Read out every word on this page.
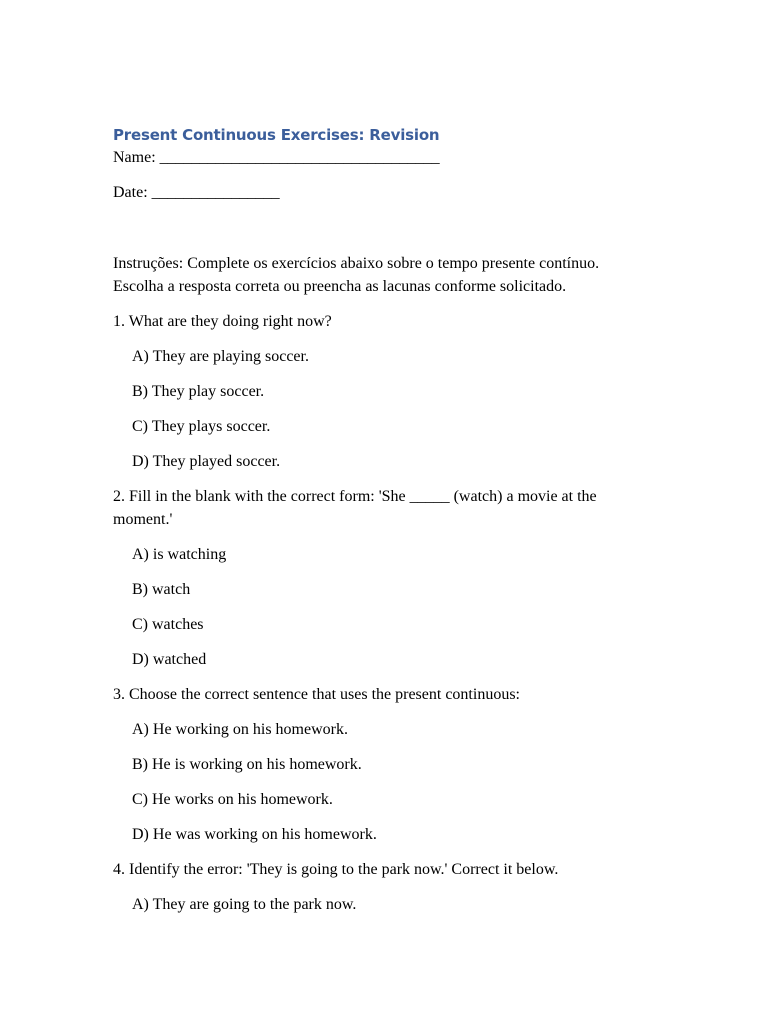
Present Continuous Exercises: Revision

Name: ___________________________________

Date: ________________

Instruções: Complete os exercícios abaixo sobre o tempo presente contínuo. Escolha a resposta correta ou preencha as lacunas conforme solicitado.

1. What are they doing right now?

A) They are playing soccer.

B) They play soccer.

C) They plays soccer.

D) They played soccer.

2. Fill in the blank with the correct form: 'She _____ (watch) a movie at the moment.'

A) is watching

B) watch

C) watches

D) watched

3. Choose the correct sentence that uses the present continuous:

A) He working on his homework.

B) He is working on his homework.

C) He works on his homework.

D) He was working on his homework.

4. Identify the error: 'They is going to the park now.' Correct it below.

A) They are going to the park now.
